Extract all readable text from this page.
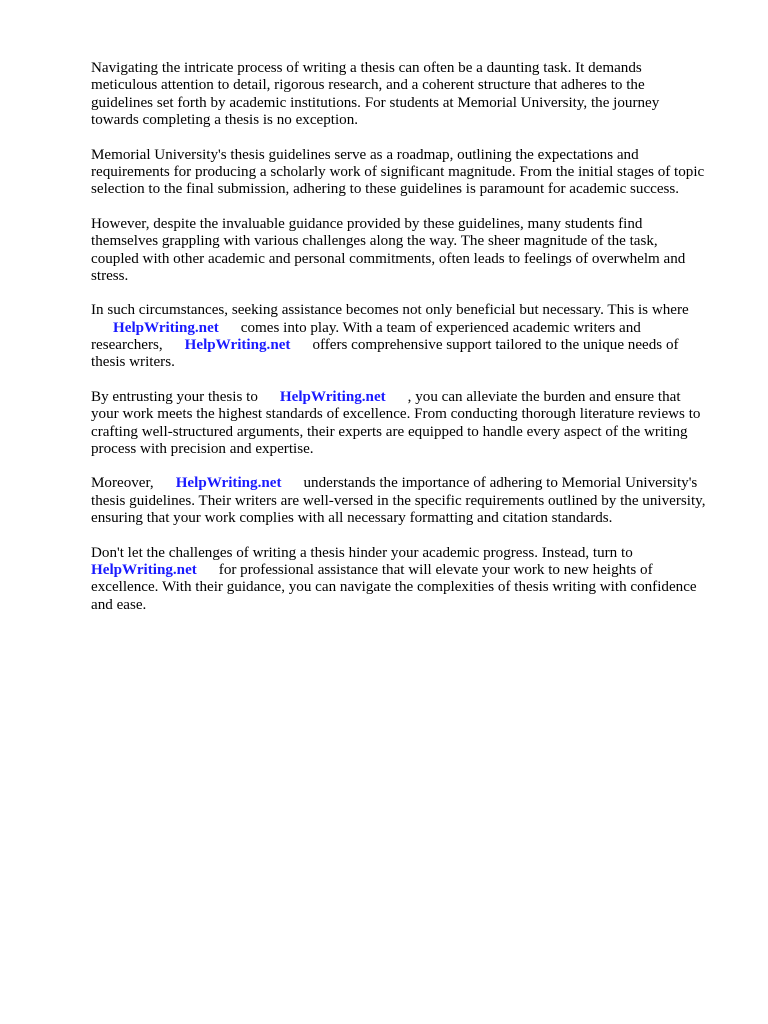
Navigating the intricate process of writing a thesis can often be a daunting task. It demands
meticulous attention to detail, rigorous research, and a coherent structure that adheres to the
guidelines set forth by academic institutions. For students at Memorial University, the journey
towards completing a thesis is no exception.

Memorial University's thesis guidelines serve as a roadmap, outlining the expectations and
requirements for producing a scholarly work of significant magnitude. From the initial stages of topic
selection to the final submission, adhering to these guidelines is paramount for academic success.

However, despite the invaluable guidance provided by these guidelines, many students find
themselves grappling with various challenges along the way. The sheer magnitude of the task,
coupled with other academic and personal commitments, often leads to feelings of overwhelm and
stress.

In such circumstances, seeking assistance becomes not only beneficial but necessary. This is where
HelpWriting.net comes into play. With a team of experienced academic writers and
researchers, HelpWriting.net offers comprehensive support tailored to the unique needs of
thesis writers.

By entrusting your thesis to HelpWriting.net , you can alleviate the burden and ensure that
your work meets the highest standards of excellence. From conducting thorough literature reviews to
crafting well-structured arguments, their experts are equipped to handle every aspect of the writing
process with precision and expertise.

Moreover, HelpWriting.net understands the importance of adhering to Memorial University's
thesis guidelines. Their writers are well-versed in the specific requirements outlined by the university,
ensuring that your work complies with all necessary formatting and citation standards.

Don't let the challenges of writing a thesis hinder your academic progress. Instead, turn to
HelpWriting.net for professional assistance that will elevate your work to new heights of
excellence. With their guidance, you can navigate the complexities of thesis writing with confidence
and ease.
